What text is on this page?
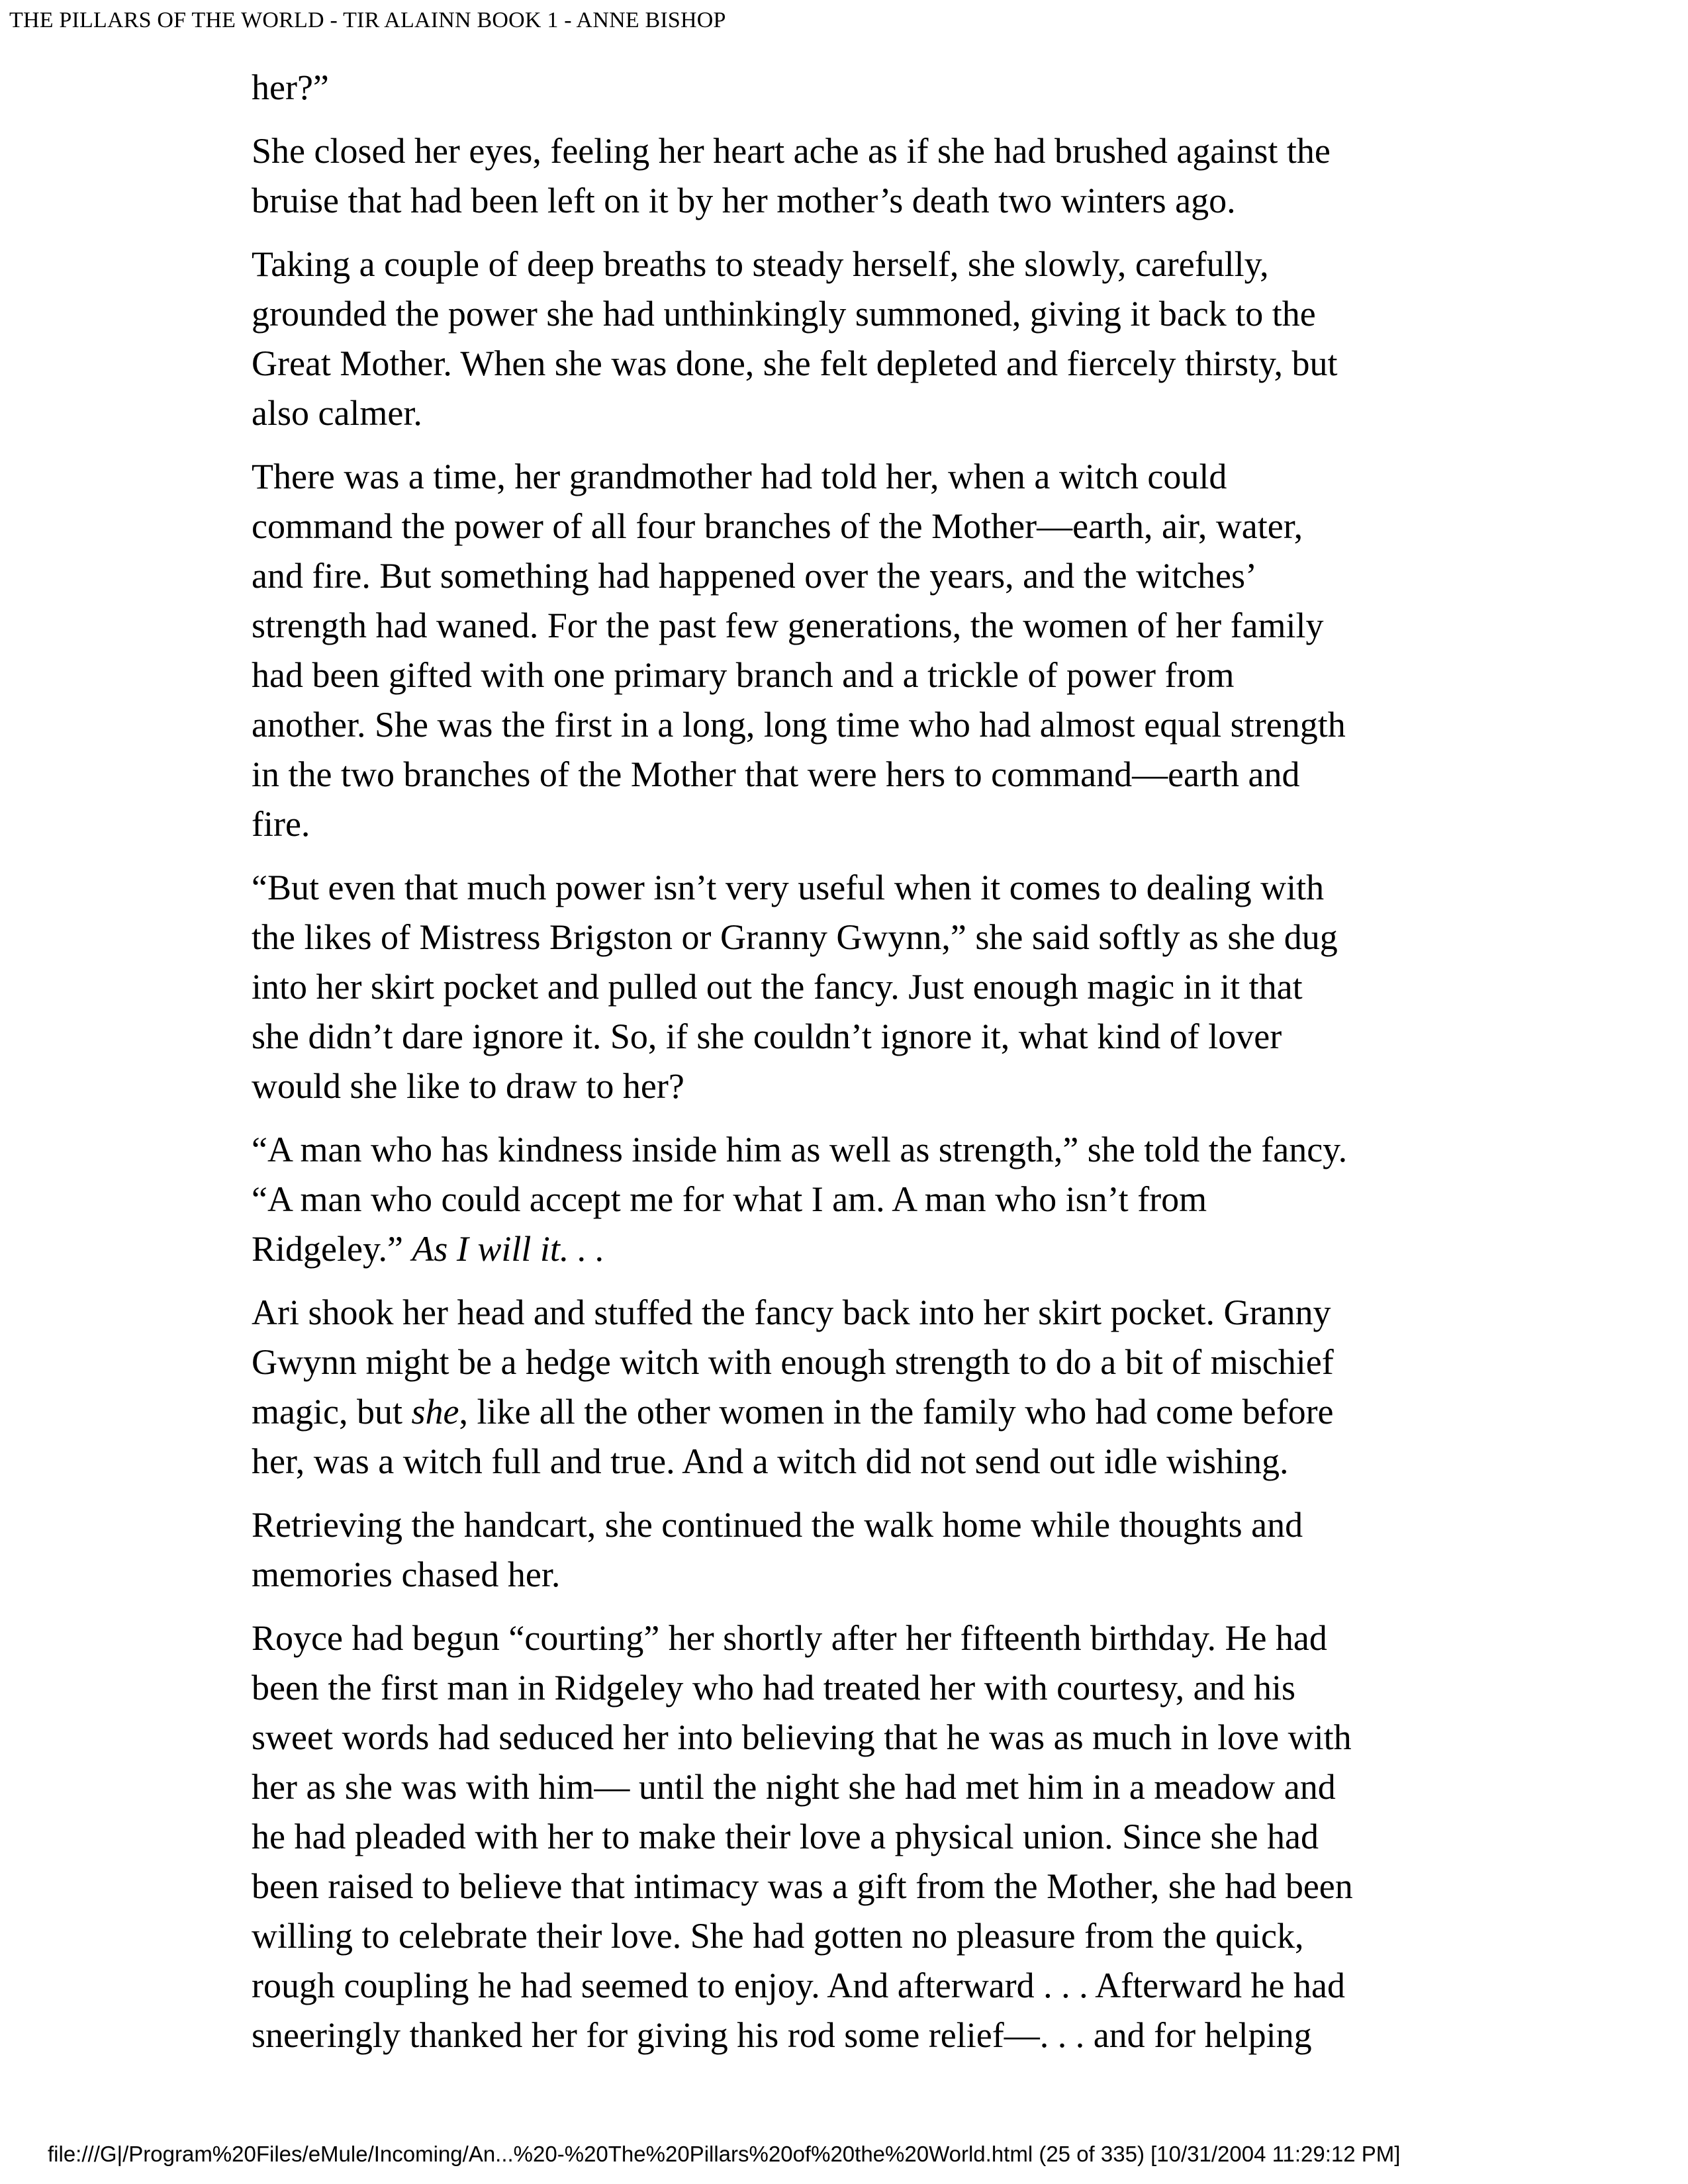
THE PILLARS OF THE WORLD - TIR ALAINN BOOK 1 - ANNE BISHOP

her?”

She closed her eyes, feeling her heart ache as if she had brushed against the
bruise that had been left on it by her mother’s death two winters ago.

Taking a couple of deep breaths to steady herself, she slowly, carefully,
grounded the power she had unthinkingly summoned, giving it back to the
Great Mother. When she was done, she felt depleted and fiercely thirsty, but
also calmer.

There was a time, her grandmother had told her, when a witch could
command the power of all four branches of the Mother—earth, air, water,
and fire. But something had happened over the years, and the witches’
strength had waned. For the past few generations, the women of her family
had been gifted with one primary branch and a trickle of power from
another. She was the first in a long, long time who had almost equal strength
in the two branches of the Mother that were hers to command—earth and
fire.

“But even that much power isn’t very useful when it comes to dealing with
the likes of Mistress Brigston or Granny Gwynn,” she said softly as she dug
into her skirt pocket and pulled out the fancy. Just enough magic in it that
she didn’t dare ignore it. So, if she couldn’t ignore it, what kind of lover
would she like to draw to her?

“A man who has kindness inside him as well as strength,” she told the fancy.
“A man who could accept me for what I am. A man who isn’t from
Ridgeley.” As I will it. . .

Ari shook her head and stuffed the fancy back into her skirt pocket. Granny
Gwynn might be a hedge witch with enough strength to do a bit of mischief
magic, but she, like all the other women in the family who had come before
her, was a witch full and true. And a witch did not send out idle wishing.

Retrieving the handcart, she continued the walk home while thoughts and
memories chased her.

Royce had begun “courting” her shortly after her fifteenth birthday. He had
been the first man in Ridgeley who had treated her with courtesy, and his
sweet words had seduced her into believing that he was as much in love with
her as she was with him— until the night she had met him in a meadow and
he had pleaded with her to make their love a physical union. Since she had
been raised to believe that intimacy was a gift from the Mother, she had been
willing to celebrate their love. She had gotten no pleasure from the quick,
rough coupling he had seemed to enjoy. And afterward . . . Afterward he had
sneeringly thanked her for giving his rod some relief—. . . and for helping

file:///G|/Program%20Files/eMule/Incoming/An...%20-%20The%20Pillars%20of%20the%20World.html (25 of 335) [10/31/2004 11:29:12 PM]
